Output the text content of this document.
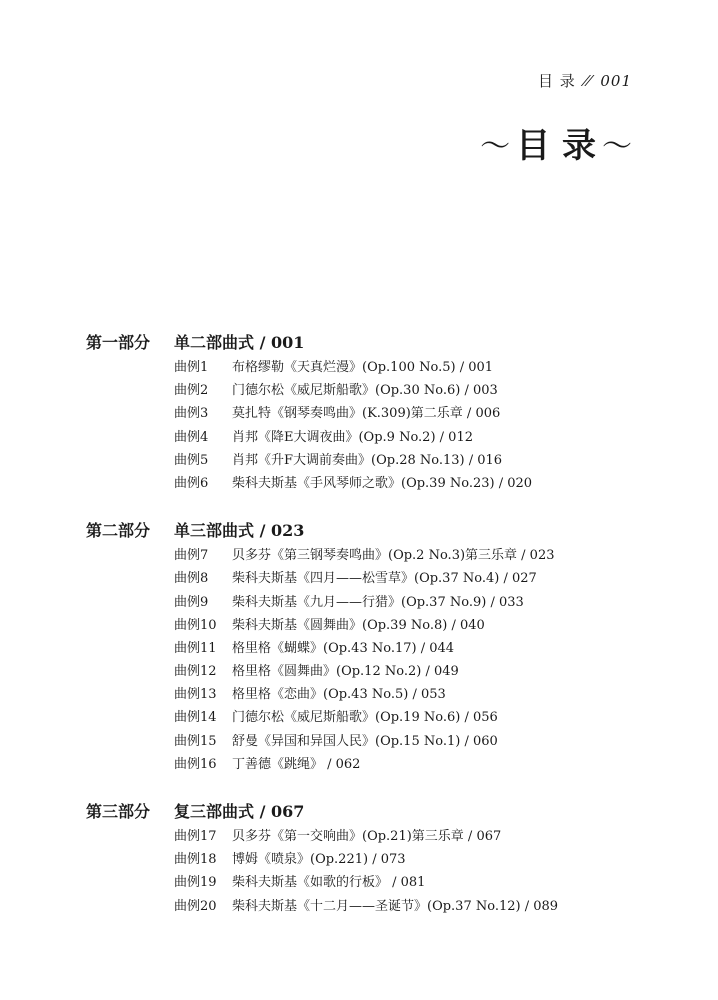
目 录 ⁄⁄ 001
〜 目 录 〜
第一部分 单二部曲式 / 001
曲例1 布格缪勒《天真烂漫》(Op.100 No.5) / 001
曲例2 门德尔松《威尼斯船歌》(Op.30 No.6) / 003
曲例3 莫扎特《钢琴奏鸣曲》(K.309)第二乐章 / 006
曲例4 肖邦《降E大调夜曲》(Op.9 No.2) / 012
曲例5 肖邦《升F大调前奏曲》(Op.28 No.13) / 016
曲例6 柴科夫斯基《手风琴师之歌》(Op.39 No.23) / 020
第二部分 单三部曲式 / 023
曲例7 贝多芬《第三钢琴奏鸣曲》(Op.2 No.3)第三乐章 / 023
曲例8 柴科夫斯基《四月——松雪草》(Op.37 No.4) / 027
曲例9 柴科夫斯基《九月——行猎》(Op.37 No.9) / 033
曲例10 柴科夫斯基《圆舞曲》(Op.39 No.8) / 040
曲例11 格里格《蝴蝶》(Op.43 No.17) / 044
曲例12 格里格《圆舞曲》(Op.12 No.2) / 049
曲例13 格里格《恋曲》(Op.43 No.5) / 053
曲例14 门德尔松《威尼斯船歌》(Op.19 No.6) / 056
曲例15 舒曼《异国和异国人民》(Op.15 No.1) / 060
曲例16 丁善德《跳绳》 / 062
第三部分 复三部曲式 / 067
曲例17 贝多芬《第一交响曲》(Op.21)第三乐章 / 067
曲例18 博姆《喷泉》(Op.221) / 073
曲例19 柴科夫斯基《如歌的行板》 / 081
曲例20 柴科夫斯基《十二月——圣诞节》(Op.37 No.12) / 089
